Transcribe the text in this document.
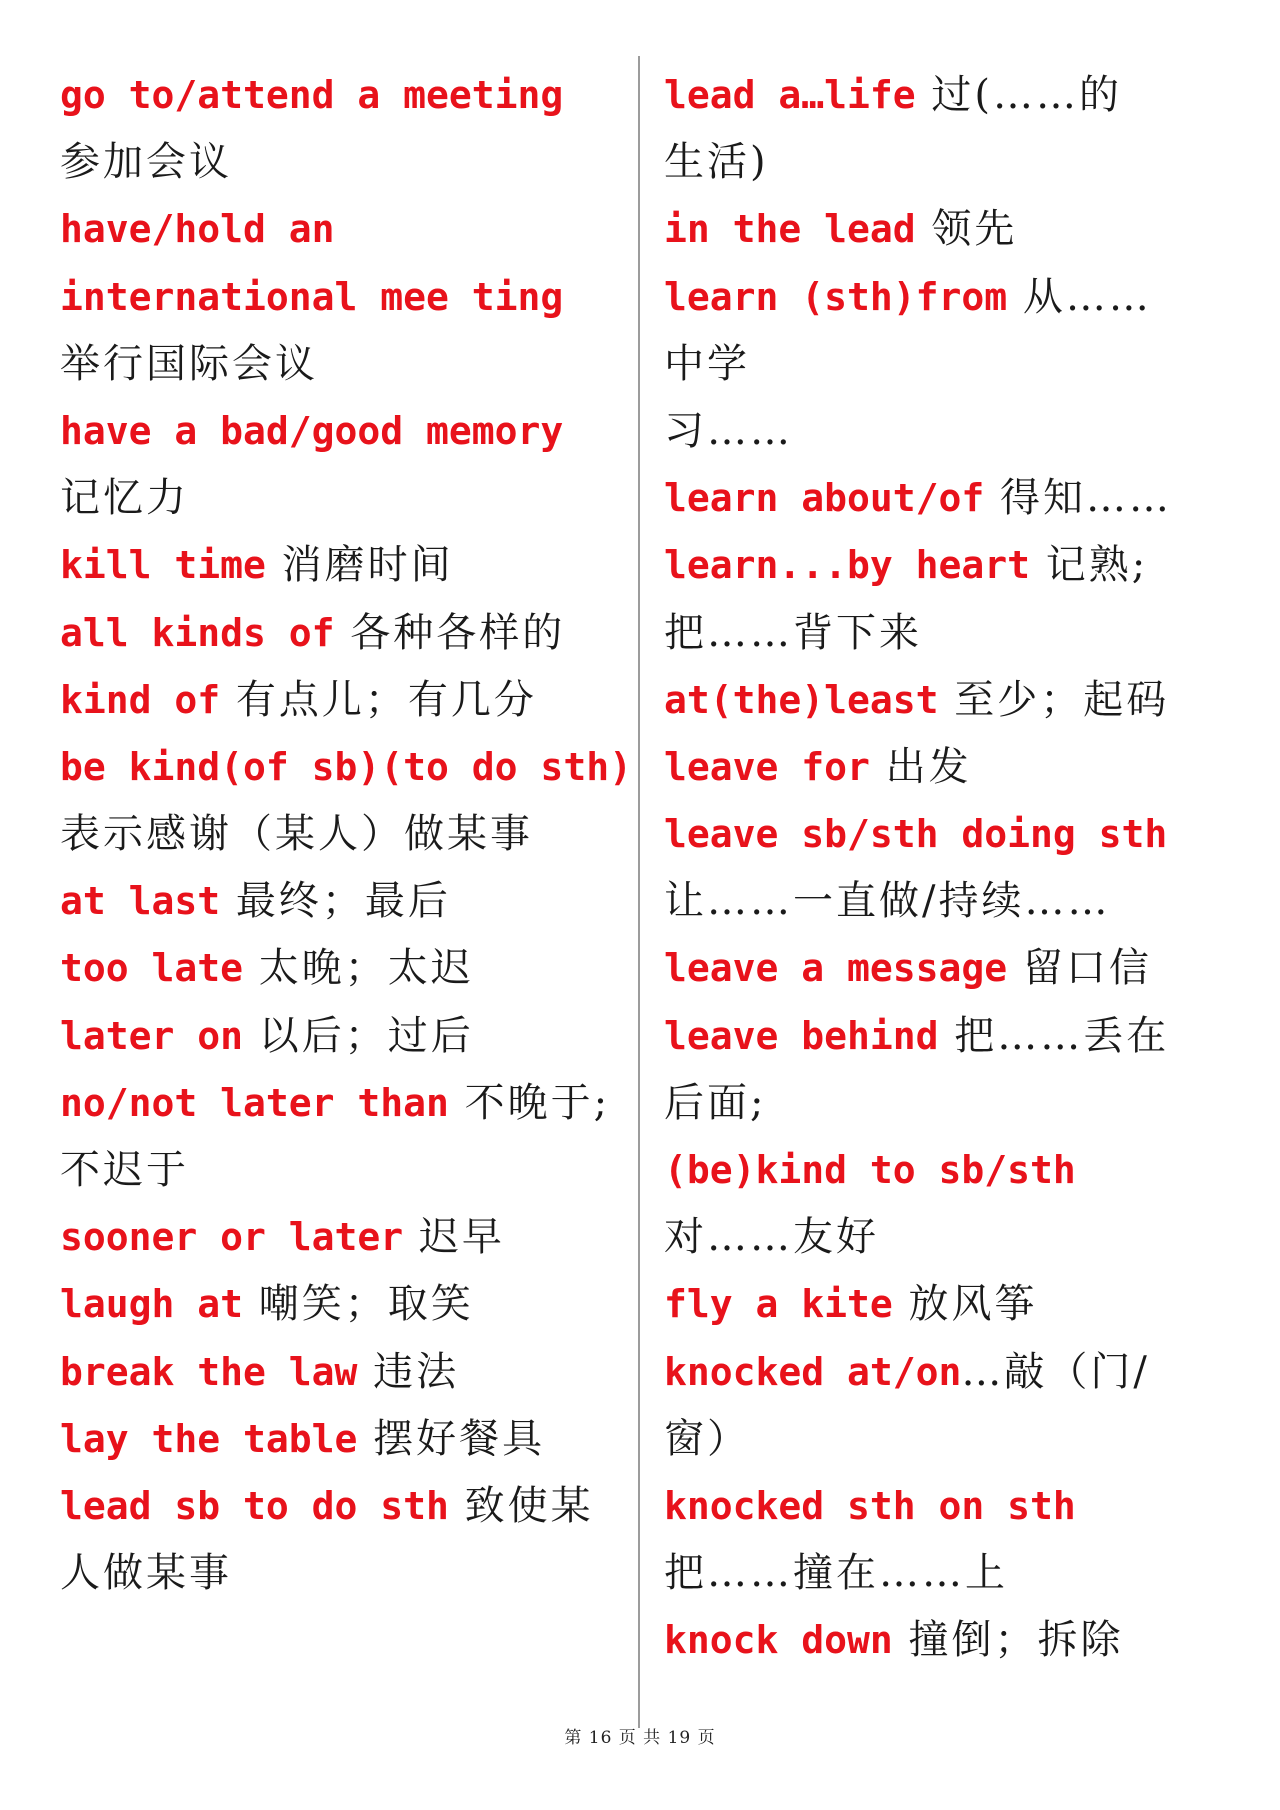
go to/attend a meeting
参加会议
have/hold an
international mee ting
举行国际会议
have a bad/good memory
记忆力
kill time 消磨时间
all kinds of 各种各样的
kind of 有点儿；有几分
be kind(of sb)(to do sth)
表示感谢（某人）做某事
at last 最终；最后
too late 太晚；太迟
later on 以后；过后
no/not later than 不晚于;
不迟于
sooner or later 迟早
laugh at 嘲笑；取笑
break the law 违法
lay the table 摆好餐具
lead sb to do sth 致使某
人做某事
lead a…life 过(……的
生活)
in the lead 领先
learn (sth)from 从……
中学
习……
learn about/of 得知……
learn...by heart 记熟;
把……背下来
at(the)least 至少；起码
leave for 出发
leave sb/sth doing sth
让……一直做/持续……
leave a message 留口信
leave behind 把……丢在
后面;
(be)kind to sb/sth
对……友好
fly a kite 放风筝
knocked at/on…敲（门/
窗）
knocked sth on sth
把……撞在……上
knock down 撞倒；拆除
第 16 页 共 19 页
